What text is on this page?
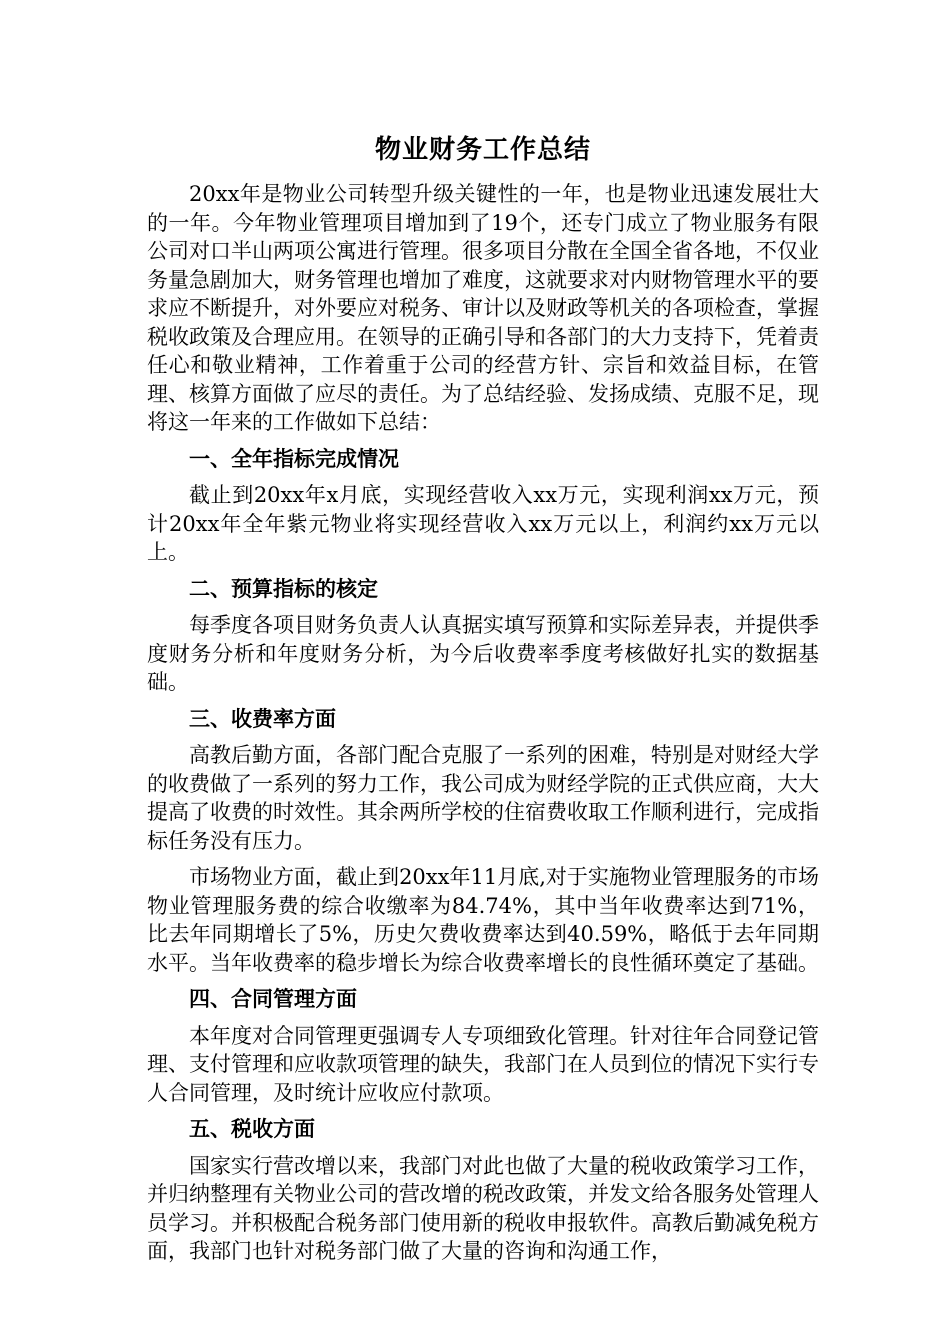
物业财务工作总结

20xx年是物业公司转型升级关键性的一年，也是物业迅速发展壮大的一年。今年物业管理项目增加到了19个，还专门成立了物业服务有限公司对口半山两项公寓进行管理。很多项目分散在全国全省各地，不仅业务量急剧加大，财务管理也增加了难度，这就要求对内财物管理水平的要求应不断提升，对外要应对税务、审计以及财政等机关的各项检查，掌握税收政策及合理应用。在领导的正确引导和各部门的大力支持下，凭着责任心和敬业精神，工作着重于公司的经营方针、宗旨和效益目标，在管理、核算方面做了应尽的责任。为了总结经验、发扬成绩、克服不足，现将这一年来的工作做如下总结：

一、全年指标完成情况

截止到20xx年x月底，实现经营收入xx万元，实现利润xx万元，预计20xx年全年紫元物业将实现经营收入xx万元以上，利润约xx万元以上。

二、预算指标的核定

每季度各项目财务负责人认真据实填写预算和实际差异表，并提供季度财务分析和年度财务分析，为今后收费率季度考核做好扎实的数据基础。

三、收费率方面

高教后勤方面，各部门配合克服了一系列的困难，特别是对财经大学的收费做了一系列的努力工作，我公司成为财经学院的正式供应商，大大提高了收费的时效性。其余两所学校的住宿费收取工作顺利进行，完成指标任务没有压力。

市场物业方面，截止到20xx年11月底,对于实施物业管理服务的市场物业管理服务费的综合收缴率为84.74%，其中当年收费率达到71%，比去年同期增长了5%，历史欠费收费率达到40.59%，略低于去年同期水平。当年收费率的稳步增长为综合收费率增长的良性循环奠定了基础。

四、合同管理方面

本年度对合同管理更强调专人专项细致化管理。针对往年合同登记管理、支付管理和应收款项管理的缺失，我部门在人员到位的情况下实行专人合同管理，及时统计应收应付款项。

五、税收方面

国家实行营改增以来，我部门对此也做了大量的税收政策学习工作，并归纳整理有关物业公司的营改增的税改政策，并发文给各服务处管理人员学习。并积极配合税务部门使用新的税收申报软件。高教后勤减免税方面，我部门也针对税务部门做了大量的咨询和沟通工作，
